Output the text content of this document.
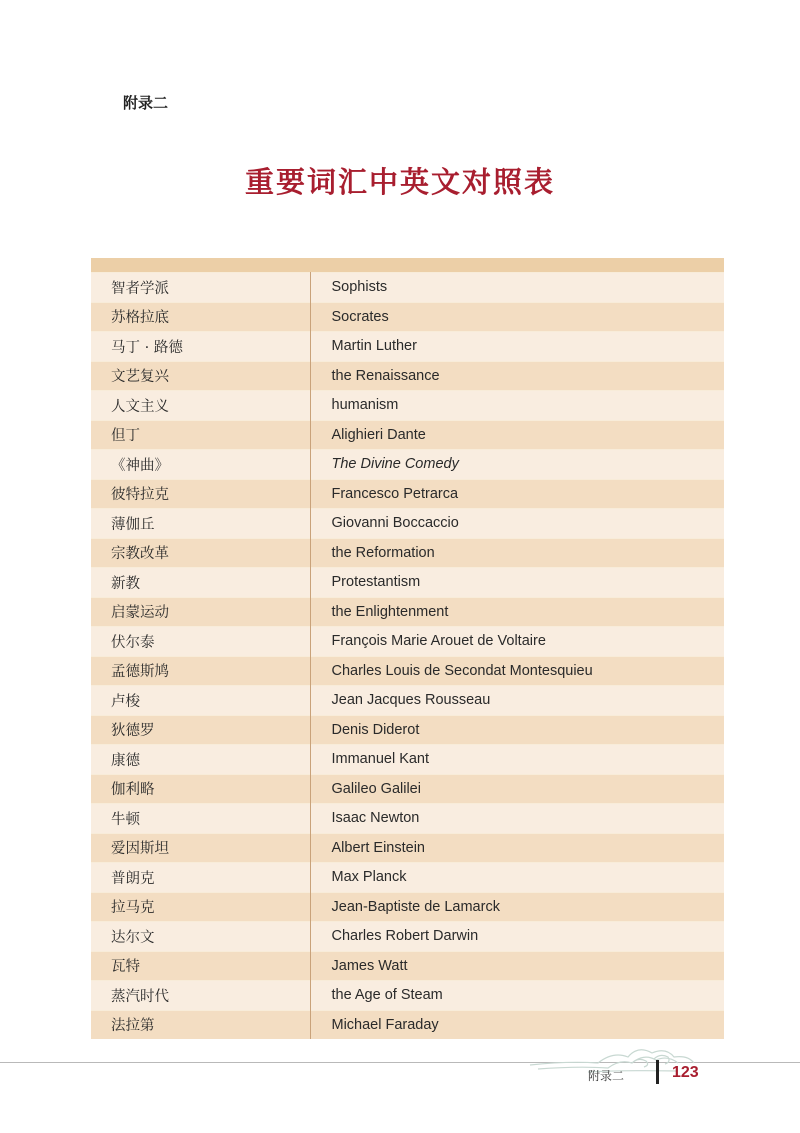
附录二
重要词汇中英文对照表

智者学派	Sophists
苏格拉底	Socrates
马丁 · 路德	Martin Luther
文艺复兴	the Renaissance
人文主义	humanism
但丁	Alighieri Dante
《神曲》	The Divine Comedy
彼特拉克	Francesco Petrarca
薄伽丘	Giovanni Boccaccio
宗教改革	the Reformation
新教	Protestantism
启蒙运动	the Enlightenment
伏尔泰	François Marie Arouet de Voltaire
孟德斯鸠	Charles Louis de Secondat Montesquieu
卢梭	Jean Jacques Rousseau
狄德罗	Denis Diderot
康德	Immanuel Kant
伽利略	Galileo Galilei
牛顿	Isaac Newton
爱因斯坦	Albert Einstein
普朗克	Max Planck
拉马克	Jean-Baptiste de Lamarck
达尔文	Charles Robert Darwin
瓦特	James Watt
蒸汽时代	the Age of Steam
法拉第	Michael Faraday
附录二	123
